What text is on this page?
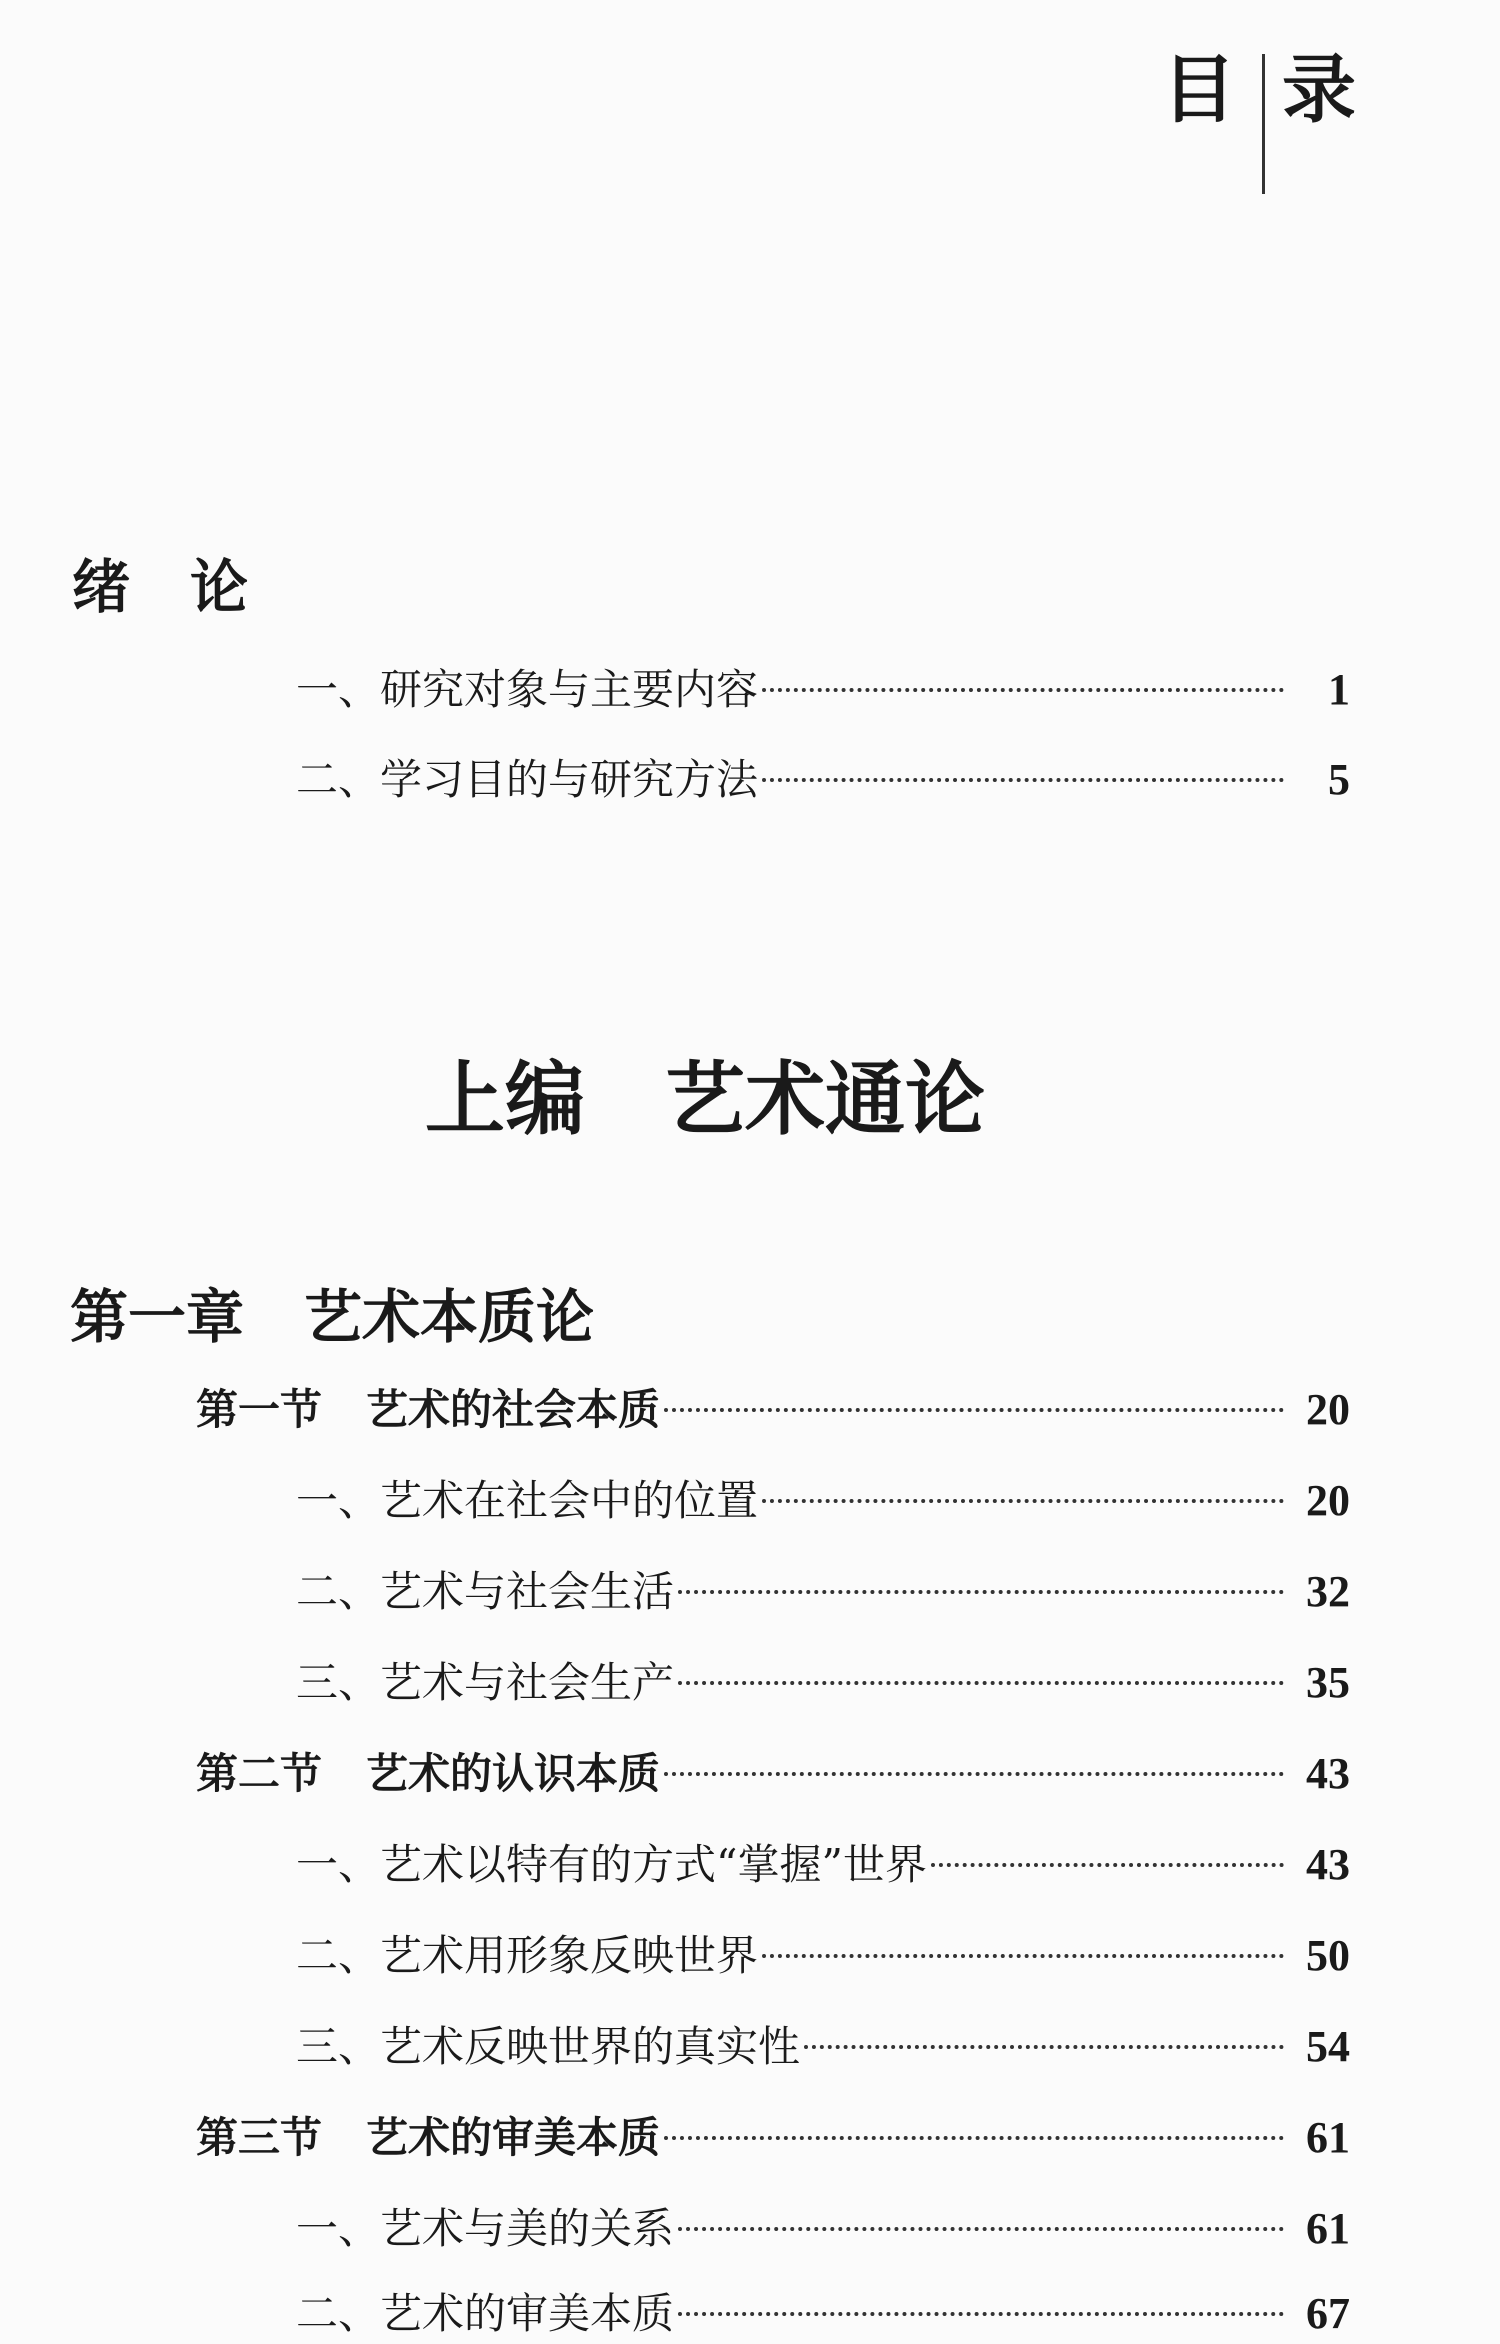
目 录
绪论
一、研究对象与主要内容	1
二、学习目的与研究方法	5
上编 艺术通论
第一章 艺术本质论
第一节 艺术的社会本质	20
一、艺术在社会中的位置	20
二、艺术与社会生活	32
三、艺术与社会生产	35
第二节 艺术的认识本质	43
一、艺术以特有的方式“掌握”世界	43
二、艺术用形象反映世界	50
三、艺术反映世界的真实性	54
第三节 艺术的审美本质	61
一、艺术与美的关系	61
二、艺术的审美本质	67
